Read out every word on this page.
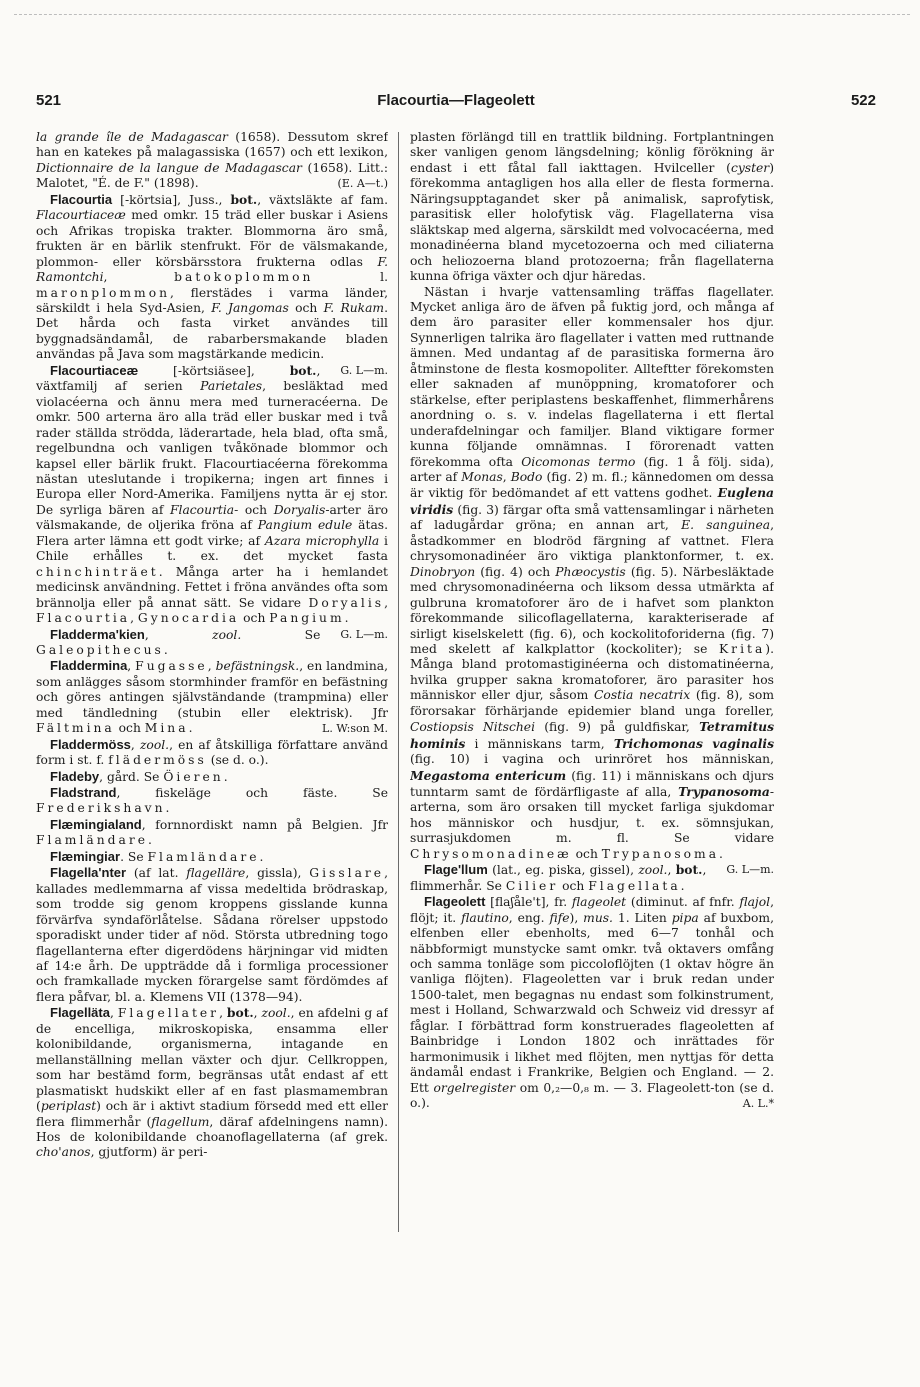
521	Flacourtia—Flageolett	522

la grande île de Madagascar (1658). Dessutom skref han en katekes på malagassiska (1657) och ett lexikon, Dictionnaire de la langue de Madagascar (1658). Litt.: Malotet, "É. de F." (1898).	(E. A—t.)

Flacourtia [-körtsia], Juss., bot., växtsläkte af fam. Flacourtiaceæ med omkr. 15 träd eller buskar i Asiens och Afrikas tropiska trakter. Blommorna äro små, frukten är en bärlik stenfrukt. För de välsmakande, plommon- eller körsbärsstora frukterna odlas F. Ramontchi, batokoplommon l. maronplommon, flerstädes i varma länder, särskildt i hela Syd-Asien, F. Jangomas och F. Rukam. Det hårda och fasta virket användes till byggnadsändamål, de rabarbersmakande bladen användas på Java som magstärkande medicin.
G. L—m.

Flacourtiaceæ [-körtsiäsee], bot., växtfamilj af serien Parietales, besläktad med violacéerna och ännu mera med turneracéerna. De omkr. 500 arterna äro alla träd eller buskar med i två rader ställda strödda, läderartade, hela blad, ofta små, regelbundna och vanligen tvåkönade blommor och kapsel eller bärlik frukt. Flacourtiacéerna förekomma nästan uteslutande i tropikerna; ingen art finnes i Europa eller Nord-Amerika. Familjens nytta är ej stor. De syrliga bären af Flacourtia- och Doryalis-arter äro välsmakande, de oljerika fröna af Pangium edule ätas. Flera arter lämna ett godt virke; af Azara microphylla i Chile erhålles t. ex. det mycket fasta chinchinträet. Många arter ha i hemlandet medicinsk användning. Fettet i fröna användes ofta som brännolja eller på annat sätt. Se vidare Doryalis, Flacourtia, Gynocardia och Pangium.
G. L—m.

Fladderma'kien, zool. Se Galeopithecus.

Fladdermina, Fugasse, befästningsk., en landmina, som anlägges såsom stormhinder framför en befästning och göres antingen självständande (trampmina) eller med tändledning (stubin eller elektrisk). Jfr Fältmina och Mina.	L. W:son M.

Fladdermöss, zool., en af åtskilliga författare använd form i st. f. flädermöss (se d. o.).

Fladeby, gård. Se Öieren.

Fladstrand, fiskeläge och fäste. Se Frederikshavn.

Flæmingialand, fornnordiskt namn på Belgien. Jfr Flamländare.

Flæmingiar. Se Flamländare.

Flagella'nter (af lat. flagelläre, gissla), Gisslare, kallades medlemmarna af vissa medeltida brödraskap, som trodde sig genom kroppens gisslande kunna förvärfva syndaförlåtelse. Sådana rörelser uppstodo sporadiskt under tider af nöd. Största utbredning togo flagellanterna efter digerdödens härjningar vid midten af 14:e årh. De uppträdde då i formliga processioner och framkallade mycken förargelse samt fördömdes af flera påfvar, bl. a. Klemens VII (1378—94).

Flagelläta, Flagellater, bot., zool., en afdelni g af de encelliga, mikroskopiska, ensamma eller kolonibildande, organismerna, intagande en mellanställning mellan växter och djur. Cellkroppen, som har bestämd form, begränsas utåt endast af ett plasmatiskt hudskikt eller af en fast plasmamembran (periplast) och är i aktivt stadium försedd med ett eller flera flimmerhår (flagellum, däraf afdelningens namn). Hos de kolonibildande choanoflagellaterna (af grek. cho'anos, gjutform) är peri-

plasten förlängd till en trattlik bildning. Fortplantningen sker vanligen genom längsdelning; könlig förökning är endast i ett fåtal fall iakttagen. Hvilceller (cyster) förekomma antagligen hos alla eller de flesta formerna. Näringsupptagandet sker på animalisk, saprofytisk, parasitisk eller holofytisk väg. Flagellaterna visa släktskap med algerna, särskildt med volvocacéerna, med monadinéerna bland mycetozoerna och med ciliaterna och heliozoerna bland protozoerna; från flagellaterna kunna öfriga växter och djur häredas.

Nästan i hvarje vattensamling träffas flagellater. Mycket anliga äro de äfven på fuktig jord, och många af dem äro parasiter eller kommensaler hos djur. Synnerligen talrika äro flagellater i vatten med ruttnande ämnen. Med undantag af de parasitiska formerna äro åtminstone de flesta kosmopoliter. Allteftter förekomsten eller saknaden af munöppning, kromatoforer och stärkelse, efter periplastens beskaffenhet, flimmerhårens anordning o. s. v. indelas flagellaterna i ett flertal underafdelningar och familjer. Bland viktigare former kunna följande omnämnas. I förorenadt vatten förekomma ofta Oicomonas termo (fig. 1 å följ. sida), arter af Monas, Bodo (fig. 2) m. fl.; kännedomen om dessa är viktig för bedömandet af ett vattens godhet. Euglena viridis (fig. 3) färgar ofta små vattensamlingar i närheten af ladugårdar gröna; en annan art, E. sanguinea, åstadkommer en blodröd färgning af vattnet. Flera chrysomonadinéer äro viktiga planktonformer, t. ex. Dinobryon (fig. 4) och Phæocystis (fig. 5). Närbesläktade med chrysomonadinéerna och liksom dessa utmärkta af gulbruna kromatoforer äro de i hafvet som plankton förekommande silicoflagellaterna, karakteriserade af sirligt kiselskelett (fig. 6), och kockolitoforiderna (fig. 7) med skelett af kalkplattor (kockoliter); se Krita). Många bland protomastiginéerna och distomatinéerna, hvilka grupper sakna kromatoforer, äro parasiter hos människor eller djur, såsom Costia necatrix (fig. 8), som förorsakar förhärjande epidemier bland unga foreller, Costiopsis Nitschei (fig. 9) på guldfiskar, Tetramitus hominis i människans tarm, Trichomonas vaginalis (fig. 10) i vagina och urinröret hos människan, Megastoma entericum (fig. 11) i människans och djurs tunntarm samt de fördärfligaste af alla, Trypanosoma-arterna, som äro orsaken till mycket farliga sjukdomar hos människor och husdjur, t. ex. sömnsjukan, surrasjukdomen m. fl. Se vidare Chrysomonadineæ och Trypanosoma.
G. L—m.

Flage'llum (lat., eg. piska, gissel), zool., bot., flimmerhår. Se Cilier och Flagellata.

Flageolett [flaʃåle't], fr. flageolet (diminut. af fnfr. flajol, flöjt; it. flautino, eng. fife), mus. 1. Liten pipa af buxbom, elfenben eller ebenholts, med 6—7 tonhål och näbbformigt munstycke samt omkr. två oktavers omfång och samma tonläge som piccoloflöjten (1 oktav högre än vanliga flöjten). Flageoletten var i bruk redan under 1500-talet, men begagnas nu endast som folkinstrument, mest i Holland, Schwarzwald och Schweiz vid dressyr af fåglar. I förbättrad form konstruerades flageoletten af Bainbridge i London 1802 och inrättades för harmonimusik i likhet med flöjten, men nyttjas för detta ändamål endast i Frankrike, Belgien och England. — 2. Ett orgelregister om 0,₂—0,₈ m. — 3. Flageolett-ton (se d. o.).	A. L.*
